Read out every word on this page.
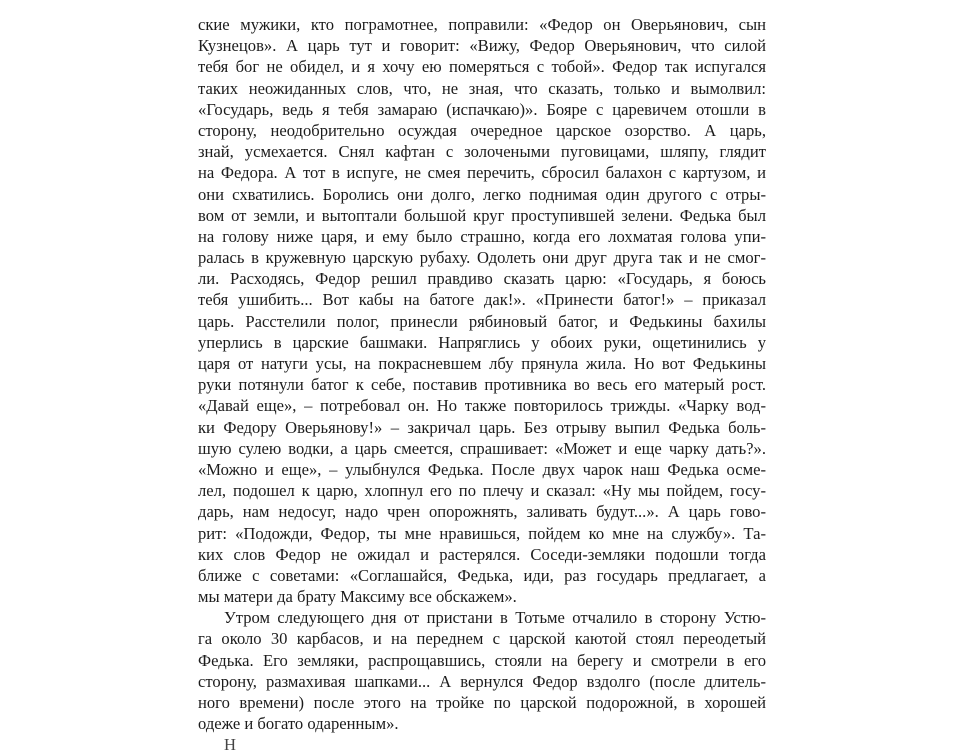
ские мужики, кто пограмотнее, поправили: «Федор он Оверьянович, сын
Кузнецов». А царь тут и говорит: «Вижу, Федор Оверьянович, что силой
тебя бог не обидел, и я хочу ею померяться с тобой». Федор так испугался
таких неожиданных слов, что, не зная, что сказать, только и вымолвил:
«Государь, ведь я тебя замараю (испачкаю)». Бояре с царевичем отошли в
сторону, неодобрительно осуждая очередное царское озорство. А царь,
знай, усмехается. Снял кафтан с золочеными пуговицами, шляпу, глядит
на Федора. А тот в испуге, не смея перечить, сбросил балахон с картузом, и
они схватились. Боролись они долго, легко поднимая один другого с отры-
вом от земли, и вытоптали большой круг проступившей зелени. Федька был
на голову ниже царя, и ему было страшно, когда его лохматая голова упи-
ралась в кружевную царскую рубаху. Одолеть они друг друга так и не смог-
ли. Расходясь, Федор решил правдиво сказать царю: «Государь, я боюсь
тебя ушибить... Вот кабы на батоге дак!». «Принести батог!» – приказал
царь. Расстелили полог, принесли рябиновый батог, и Федькины бахилы
уперлись в царские башмаки. Напряглись у обоих руки, ощетинились у
царя от натуги усы, на покрасневшем лбу прянула жила. Но вот Федькины
руки потянули батог к себе, поставив противника во весь его матерый рост.
«Давай еще», – потребовал он. Но также повторилось трижды. «Чарку вод-
ки Федору Оверьянову!» – закричал царь. Без отрыву выпил Федька боль-
шую сулею водки, а царь смеется, спрашивает: «Может и еще чарку дать?».
«Можно и еще», – улыбнулся Федька. После двух чарок наш Федька осме-
лел, подошел к царю, хлопнул его по плечу и сказал: «Ну мы пойдем, госу-
дарь, нам недосуг, надо чрен опорожнять, заливать будут...». А царь гово-
рит: «Подожди, Федор, ты мне нравишься, пойдем ко мне на службу». Та-
ких слов Федор не ожидал и растерялся. Соседи-земляки подошли тогда
ближе с советами: «Соглашайся, Федька, иди, раз государь предлагает, а
мы матери да брату Максиму все обскажем».
Утром следующего дня от пристани в Тотьме отчалило в сторону Устю-
га около 30 карбасов, и на переднем с царской каютой стоял переодетый
Федька. Его земляки, распрощавшись, стояли на берегу и смотрели в его
сторону, размахивая шапками... А вернулся Федор вздолго (после длитель-
ного времени) после этого на тройке по царской подорожной, в хорошей
одеже и богато одаренным».
Н
